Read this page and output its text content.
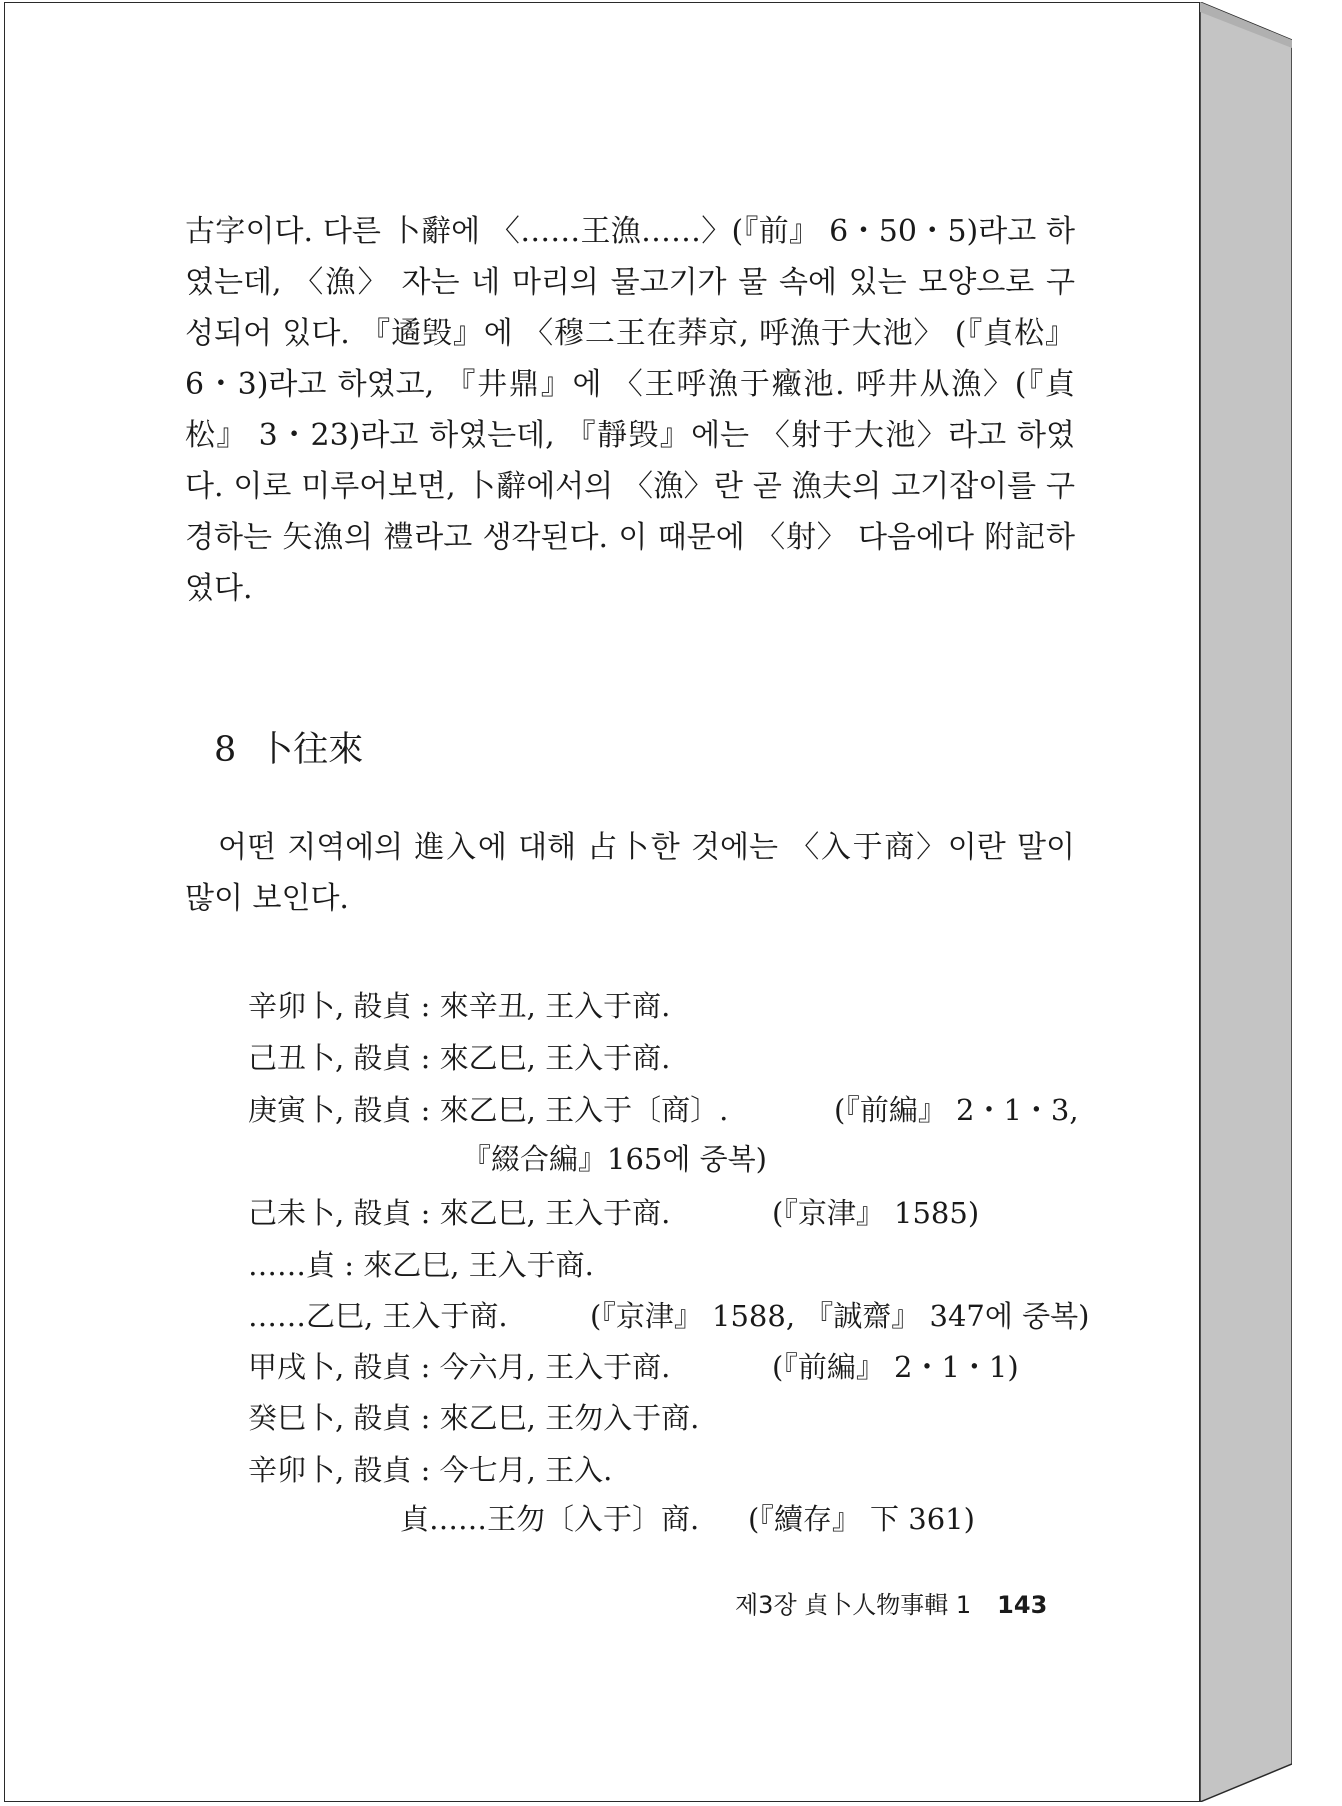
古字이다. 다른 卜辭에 〈……王漁……〉(『前』 6・50・5)라고 하였는데, 〈漁〉 자는 네 마리의 물고기가 물 속에 있는 모양으로 구성되어 있다. 『遹毁』에 〈穆二王在莽京, 呼漁于大池〉 (『貞松』 6・3)라고 하였고, 『井鼎』에 〈王呼漁于癥池. 呼井从漁〉(『貞松』 3・23)라고 하였는데, 『靜毁』에는 〈射于大池〉라고 하였다. 이로 미루어보면, 卜辭에서의 〈漁〉란 곧 漁夫의 고기잡이를 구경하는 矢漁의 禮라고 생각된다. 이 때문에 〈射〉 다음에다 附記하였다.

8 卜往來

어떤 지역에의 進入에 대해 占卜한 것에는 〈入于商〉이란 말이 많이 보인다.

辛卯卜, 㱿貞 : 來辛丑, 王入于商.
己丑卜, 㱿貞 : 來乙巳, 王入于商.
庚寅卜, 㱿貞 : 來乙巳, 王入于〔商〕.	(『前編』 2・1・3,
『綴合編』165에 중복)
己未卜, 㱿貞 : 來乙巳, 王入于商.	(『京津』 1585)
……貞 : 來乙巳, 王入于商.
……乙巳, 王入于商.	(『京津』 1588, 『誠齋』 347에 중복)
甲戌卜, 㱿貞 : 今六月, 王入于商.	(『前編』 2・1・1)
癸巳卜, 㱿貞 : 來乙巳, 王勿入于商.
辛卯卜, 㱿貞 : 今七月, 王入.
貞……王勿〔入于〕商. (『續存』 下 361)
제3장 貞卜人物事輯 1 143
